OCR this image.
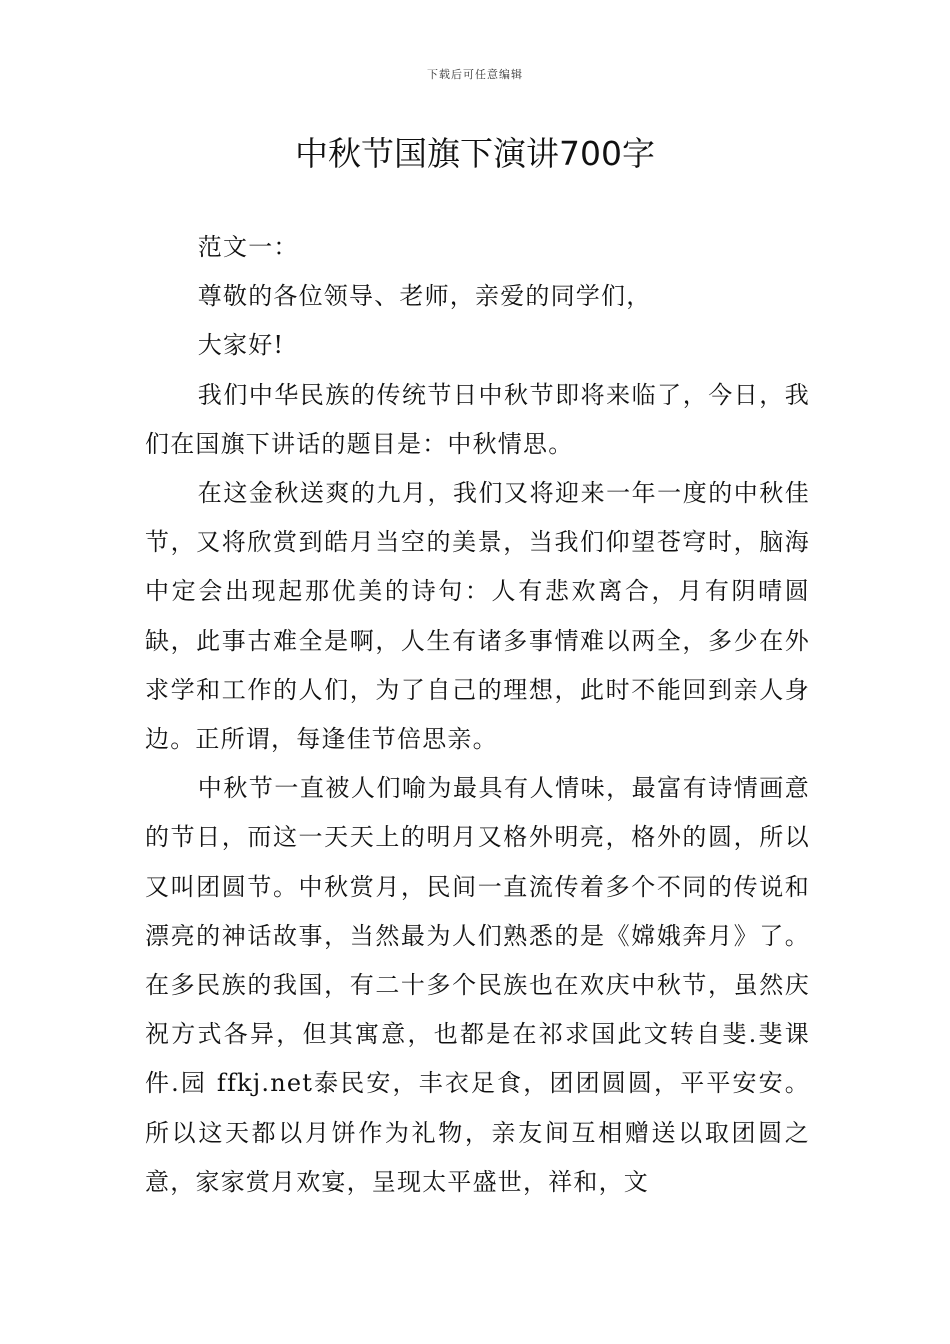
下载后可任意编辑
中秋节国旗下演讲700字

范文一：

尊敬的各位领导、老师，亲爱的同学们，

大家好!

我们中华民族的传统节日中秋节即将来临了，今日，我们在国旗下讲话的题目是：中秋情思。

在这金秋送爽的九月，我们又将迎来一年一度的中秋佳节，又将欣赏到皓月当空的美景，当我们仰望苍穹时，脑海中定会出现起那优美的诗句：人有悲欢离合，月有阴晴圆缺，此事古难全是啊，人生有诸多事情难以两全，多少在外求学和工作的人们，为了自己的理想，此时不能回到亲人身边。正所谓，每逢佳节倍思亲。

中秋节一直被人们喻为最具有人情味，最富有诗情画意的节日，而这一天天上的明月又格外明亮，格外的圆，所以又叫团圆节。中秋赏月，民间一直流传着多个不同的传说和漂亮的神话故事，当然最为人们熟悉的是《嫦娥奔月》了。在多民族的我国，有二十多个民族也在欢庆中秋节，虽然庆祝方式各异，但其寓意，也都是在祁求国此文转自斐.斐课件.园 ffkj.net泰民安，丰衣足食，团团圆圆，平平安安。所以这天都以月饼作为礼物，亲友间互相赠送以取团圆之意，家家赏月欢宴，呈现太平盛世，祥和，文
